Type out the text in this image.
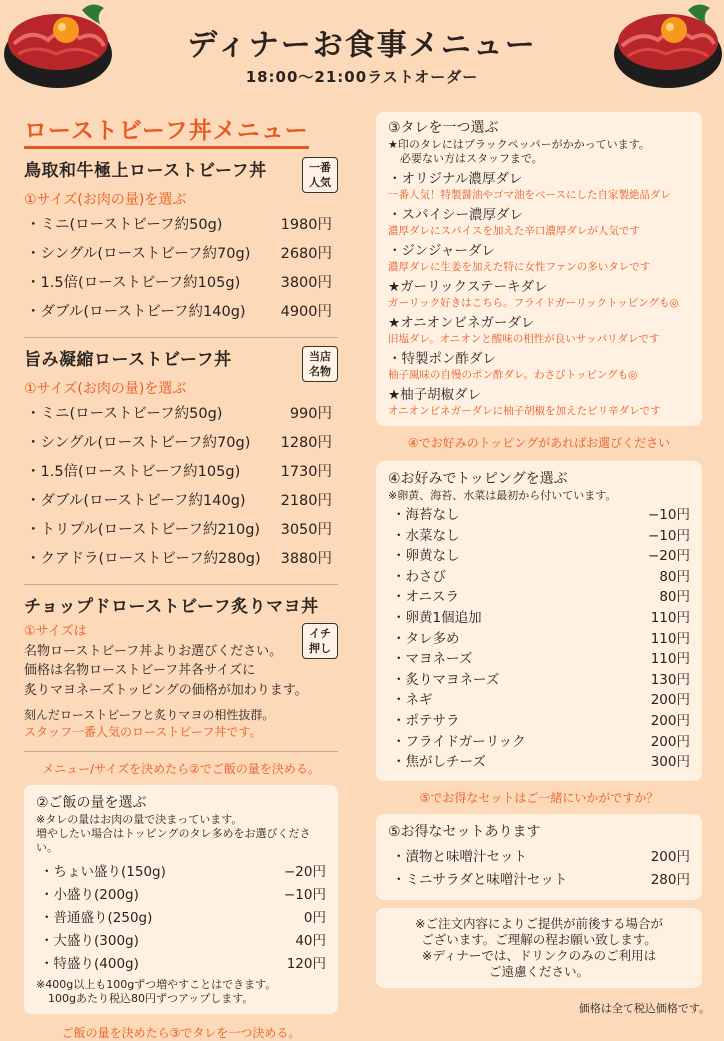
ディナーお食事メニュー
18:00〜21:00ラストオーダー
ローストビーフ丼メニュー
鳥取和牛極上ローストビーフ丼	一番
人気
①サイズ(お肉の量)を選ぶ
・ミニ(ローストビーフ約50g)	1980円
・シングル(ローストビーフ約70g) 2680円
・1.5倍(ローストビーフ約105g)	3800円
・ダブル(ローストビーフ約140g) 4900円
旨み凝縮ローストビーフ丼	当店
名物
①サイズ(お肉の量)を選ぶ
・ミニ(ローストビーフ約50g)	990円
・シングル(ローストビーフ約70g) 1280円
・1.5倍(ローストビーフ約105g)	1730円
・ダブル(ローストビーフ約140g) 2180円
・トリプル(ローストビーフ約210g) 3050円
・クアドラ(ローストビーフ約280g) 3880円
チョップドローストビーフ炙りマヨ丼
イチ
押し
①サイズは
名物ローストビーフ丼よりお選びください。
価格は名物ローストビーフ丼各サイズに
炙りマヨネーズトッピングの価格が加わります。
刻んだローストビーフと炙りマヨの相性抜群。
スタッフ一番人気のローストビーフ丼です。
メニュー/サイズを決めたら②でご飯の量を決める。
②ご飯の量を選ぶ
※タレの量はお肉の量で決まっています。
増やしたい場合はトッピングのタレ多めをお選びください。
・ちょい盛り(150g)	−20円
・小盛り(200g)	−10円
・普通盛り(250g)	0円
・大盛り(300g)	40円
・特盛り(400g)	120円
※400g以上も100gずつ増やすことはできます。
100gあたり税込80円ずつアップします。
ご飯の量を決めたら③でタレを一つ決める。
③タレを一つ選ぶ
★印のタレにはブラックペッパーがかかっています。
必要ない方はスタッフまで。
・オリジナル濃厚ダレ
一番人気！特製醤油やゴマ油をベースにした自家製絶品ダレ
・スパイシー濃厚ダレ
濃厚ダレにスパイスを加えた辛口濃厚ダレが人気です
・ジンジャーダレ
濃厚ダレに生姜を加えた特に女性ファンの多いタレです
★ガーリックステーキダレ
ガーリック好きはこちら。フライドガーリックトッピングも◎
★オニオンビネガーダレ
旧塩ダレ。オニオンと酸味の相性が良いサッパリダレです
・特製ポン酢ダレ
柚子風味の自慢のポン酢ダレ。わさびトッピングも◎
★柚子胡椒ダレ
オニオンビネガーダレに柚子胡椒を加えたピリ辛ダレです
④でお好みのトッピングがあればお選びください
④お好みでトッピングを選ぶ
※卵黄、海苔、水菜は最初から付いています。
・海苔なし	−10円
・水菜なし	−10円
・卵黄なし	−20円
・わさび	80円
・オニスラ	80円
・卵黄1個追加	110円
・タレ多め	110円
・マヨネーズ	110円
・炙りマヨネーズ	130円
・ネギ	200円
・ポテサラ	200円
・フライドガーリック	200円
・焦がしチーズ	300円
⑤でお得なセットはご一緒にいかがですか？
⑤お得なセットあります
・漬物と味噌汁セット	200円
・ミニサラダと味噌汁セット	280円
※ご注文内容によりご提供が前後する場合が
ございます。ご理解の程お願い致します。
※ディナーでは、ドリンクのみのご利用は
ご遠慮ください。
価格は全て税込価格です。
